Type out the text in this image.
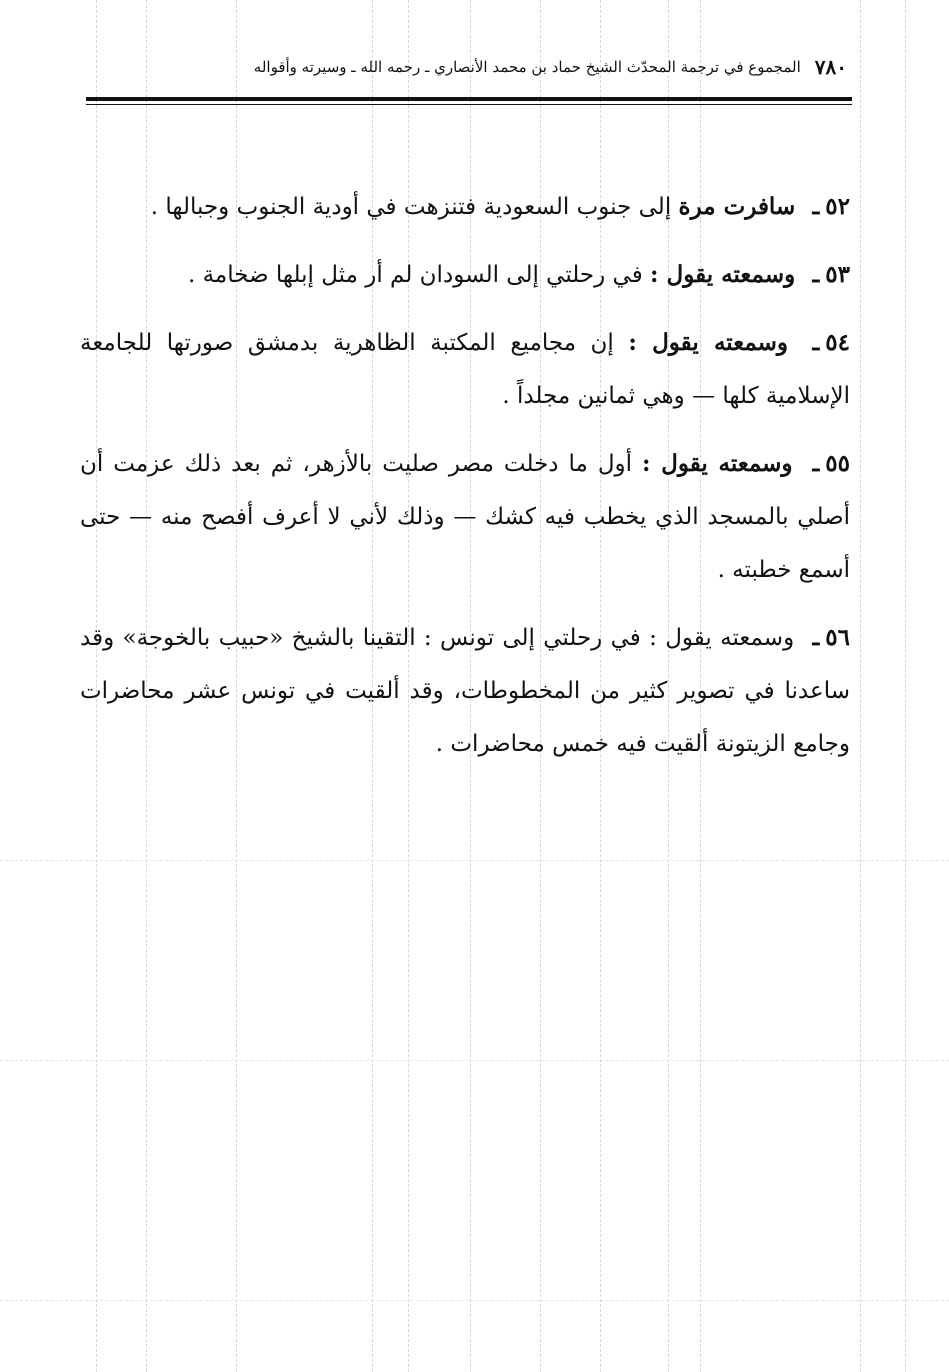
٧٨٠
المجموع في ترجمة المحدّث الشيخ حماد بن محمد الأنصاري ـ رحمه الله ـ وسيرته وأقواله

٥٢ـ سافرت مرة إلى جنوب السعودية فتنزهت في أودية الجنوب وجبالها .

٥٣ـ وسمعته يقول : في رحلتي إلى السودان لم أر مثل إبلها ضخامة .

٥٤ـ وسمعته يقول : إن مجاميع المكتبة الظاهرية بدمشق صورتها للجامعة الإسلامية كلها — وهي ثمانين مجلداً .

٥٥ـ وسمعته يقول : أول ما دخلت مصر صليت بالأزهر، ثم بعد ذلك عزمت أن أصلي بالمسجد الذي يخطب فيه كشك — وذلك لأني لا أعرف أفصح منه — حتى أسمع خطبته .

٥٦ـ وسمعته يقول : في رحلتي إلى تونس : التقينا بالشيخ «حبيب بالخوجة» وقد ساعدنا في تصوير كثير من المخطوطات، وقد ألقيت في تونس عشر محاضرات وجامع الزيتونة ألقيت فيه خمس محاضرات .
